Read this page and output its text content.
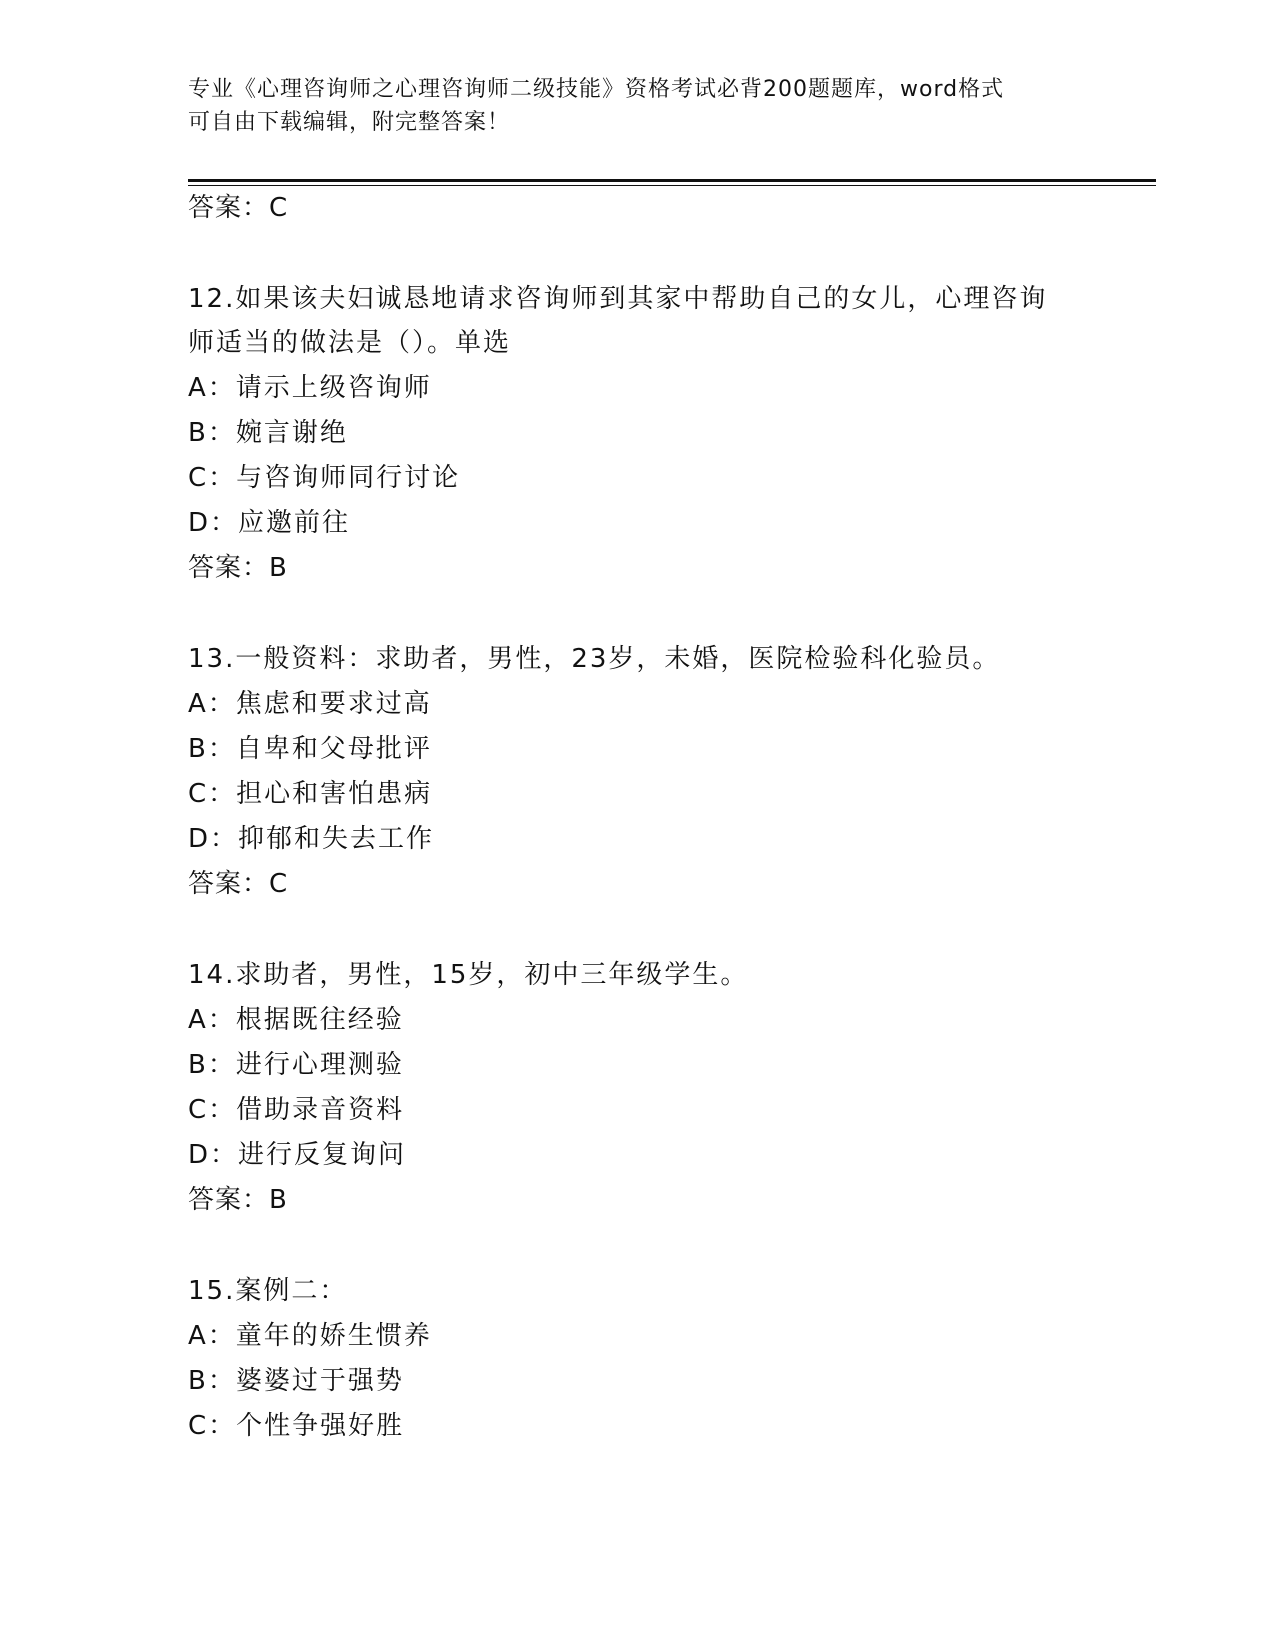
专业《心理咨询师之心理咨询师二级技能》资格考试必背200题题库，word格式
可自由下载编辑，附完整答案！
答案：C
12.如果该夫妇诚恳地请求咨询师到其家中帮助自己的女儿，心理咨询
师适当的做法是（）。单选
A：请示上级咨询师
B：婉言谢绝
C：与咨询师同行讨论
D：应邀前往
答案：B
13.一般资料：求助者，男性，23岁，未婚，医院检验科化验员。
A：焦虑和要求过高
B：自卑和父母批评
C：担心和害怕患病
D：抑郁和失去工作
答案：C
14.求助者，男性，15岁，初中三年级学生。
A：根据既往经验
B：进行心理测验
C：借助录音资料
D：进行反复询问
答案：B
15.案例二：
A：童年的娇生惯养
B：婆婆过于强势
C：个性争强好胜
